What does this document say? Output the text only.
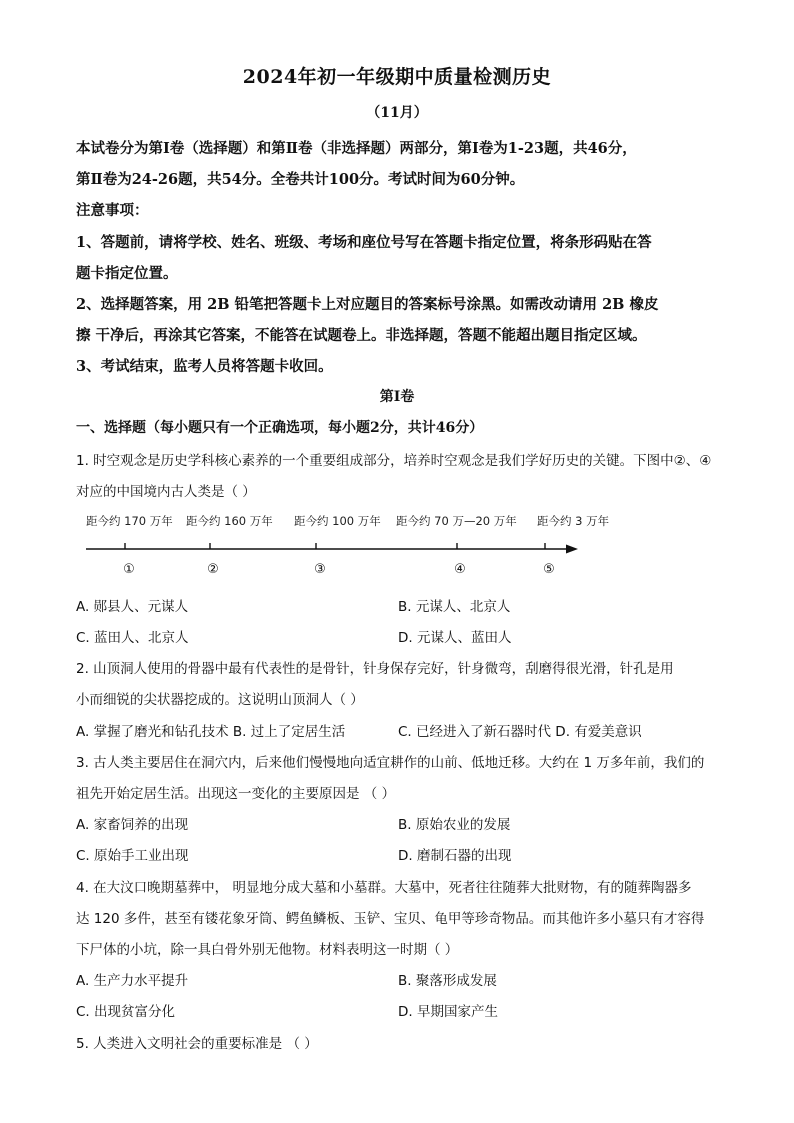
2024年初一年级期中质量检测历史
（11月）
本试卷分为第Ⅰ卷（选择题）和第Ⅱ卷（非选择题）两部分，第Ⅰ卷为1-23题，共46分，
第Ⅱ卷为24-26题，共54分。全卷共计100分。考试时间为60分钟。
注意事项：
1、答题前，请将学校、姓名、班级、考场和座位号写在答题卡指定位置，将条形码贴在答
题卡指定位置。
2、选择题答案，用 2B 铅笔把答题卡上对应题目的答案标号涂黑。如需改动请用 2B 橡皮
擦 干净后，再涂其它答案，不能答在试题卷上。非选择题，答题不能超出题目指定区域。
3、考试结束，监考人员将答题卡收回。
第Ⅰ卷
一、选择题（每小题只有一个正确选项，每小题2分，共计46分）
1. 时空观念是历史学科核心素养的一个重要组成部分，培养时空观念是我们学好历史的关键。下图中②、④
对应的中国境内古人类是（ ）
距今约 170 万年 距今约 160 万年 距今约 100 万年 距今约 70 万—20 万年 距今约 3 万年
①	②	③	④	⑤
A. 郧县人、元谋人	B. 元谋人、北京人
C. 蓝田人、北京人	D. 元谋人、蓝田人
2. 山顶洞人使用的骨器中最有代表性的是骨针，针身保存完好，针身微弯，刮磨得很光滑，针孔是用
小而细锐的尖状器挖成的。这说明山顶洞人（ ）
A. 掌握了磨光和钻孔技术 B. 过上了定居生活	C. 已经进入了新石器时代 D. 有爱美意识
3. 古人类主要居住在洞穴内，后来他们慢慢地向适宜耕作的山前、低地迁移。大约在 1 万多年前，我们的
祖先开始定居生活。出现这一变化的主要原因是 （ ）
A. 家畜饲养的出现	B. 原始农业的发展
C. 原始手工业出现	D. 磨制石器的出现
4. 在大汶口晚期墓葬中， 明显地分成大墓和小墓群。大墓中，死者往往随葬大批财物，有的随葬陶器多
达 120 多件，甚至有镂花象牙筒、鳄鱼鳞板、玉铲、宝贝、龟甲等珍奇物品。而其他许多小墓只有才容得
下尸体的小坑，除一具白骨外别无他物。材料表明这一时期（ ）
A. 生产力水平提升	B. 聚落形成发展
C. 出现贫富分化	D. 早期国家产生
5. 人类进入文明社会的重要标准是 （ ）
